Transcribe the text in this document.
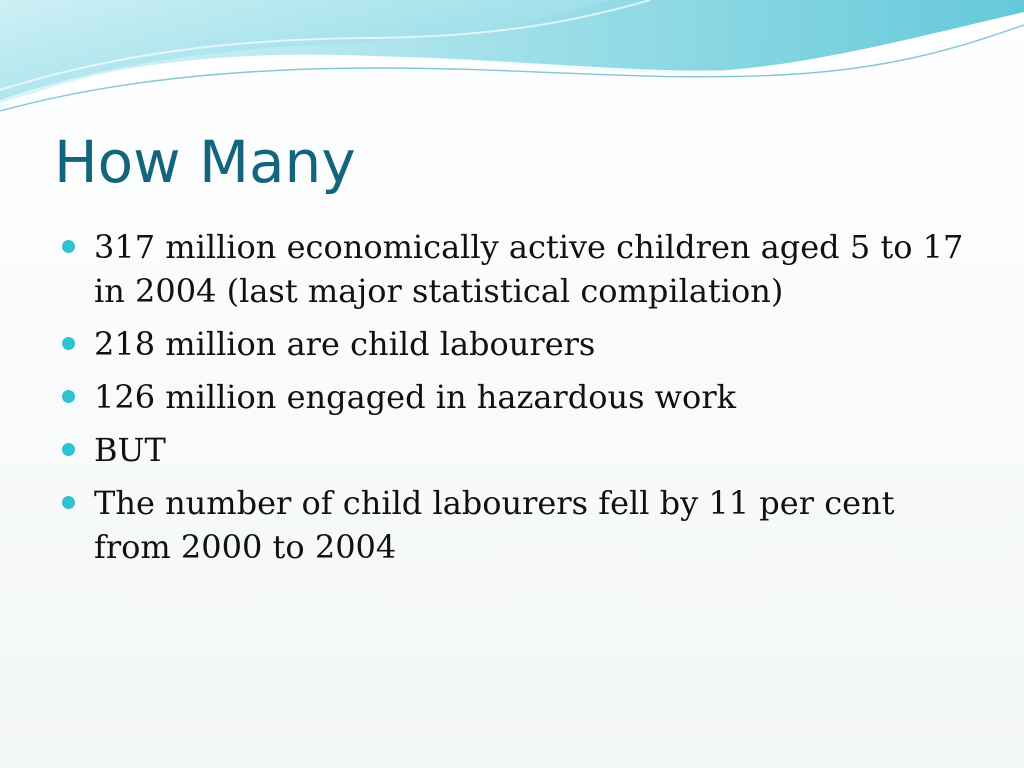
How Many
317 million economically active children aged 5 to 17 in 2004 (last major statistical compilation)
218 million are child labourers
126 million engaged in hazardous work
BUT
The number of child labourers fell by 11 per cent from 2000 to 2004
